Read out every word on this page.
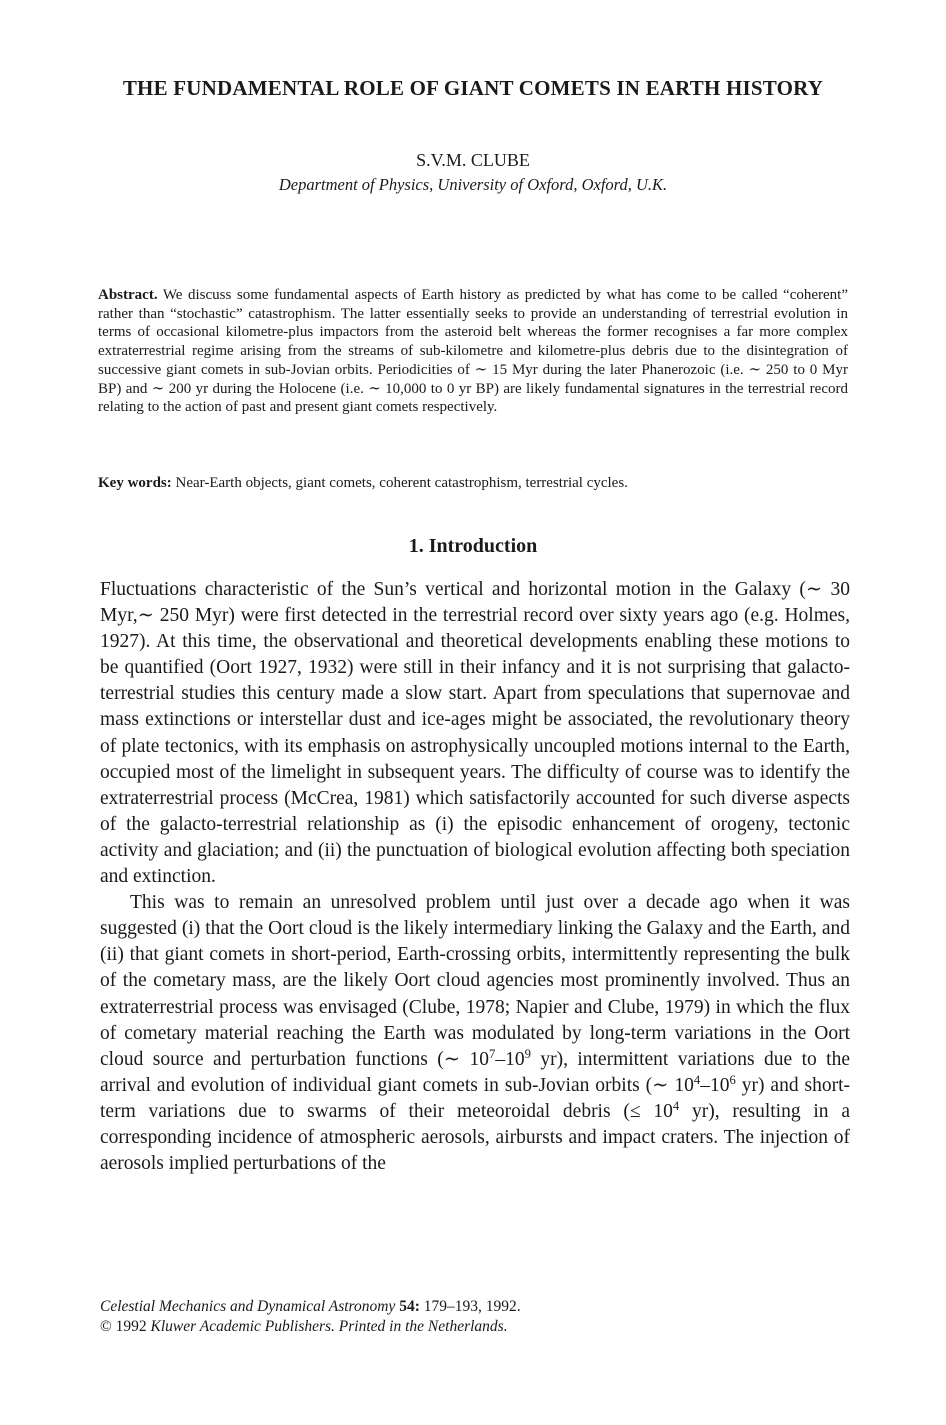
THE FUNDAMENTAL ROLE OF GIANT COMETS IN EARTH HISTORY

S.V.M. CLUBE

Department of Physics, University of Oxford, Oxford, U.K.

Abstract. We discuss some fundamental aspects of Earth history as predicted by what has come to be called “coherent” rather than “stochastic” catastrophism. The latter essentially seeks to provide an understanding of terrestrial evolution in terms of occasional kilometre-plus impactors from the asteroid belt whereas the former recognises a far more complex extraterrestrial regime arising from the streams of sub-kilometre and kilometre-plus debris due to the disintegration of successive giant comets in sub-Jovian orbits. Periodicities of ∼ 15 Myr during the later Phanerozoic (i.e. ∼ 250 to 0 Myr BP) and ∼ 200 yr during the Holocene (i.e. ∼ 10,000 to 0 yr BP) are likely fundamental signatures in the terrestrial record relating to the action of past and present giant comets respectively.

Key words: Near-Earth objects, giant comets, coherent catastrophism, terrestrial cycles.

1. Introduction

Fluctuations characteristic of the Sun’s vertical and horizontal motion in the Galaxy (∼ 30 Myr,∼ 250 Myr) were first detected in the terrestrial record over sixty years ago (e.g. Holmes, 1927). At this time, the observational and theoretical developments enabling these motions to be quantified (Oort 1927, 1932) were still in their infancy and it is not surprising that galacto-terrestrial studies this century made a slow start. Apart from speculations that supernovae and mass extinctions or interstellar dust and ice-ages might be associated, the revolutionary theory of plate tectonics, with its emphasis on astrophysically uncoupled motions internal to the Earth, occupied most of the limelight in subsequent years. The difficulty of course was to identify the extraterrestrial process (McCrea, 1981) which satisfactorily accounted for such diverse aspects of the galacto-terrestrial relationship as (i) the episodic enhancement of orogeny, tectonic activity and glaciation; and (ii) the punctuation of biological evolution affecting both speciation and extinction.

This was to remain an unresolved problem until just over a decade ago when it was suggested (i) that the Oort cloud is the likely intermediary linking the Galaxy and the Earth, and (ii) that giant comets in short-period, Earth-crossing orbits, intermittently representing the bulk of the cometary mass, are the likely Oort cloud agencies most prominently involved. Thus an extraterrestrial process was envisaged (Clube, 1978; Napier and Clube, 1979) in which the flux of cometary material reaching the Earth was modulated by long-term variations in the Oort cloud source and perturbation functions (∼ $10^7-10^9$ yr), intermittent variations due to the arrival and evolution of individual giant comets in sub-Jovian orbits (∼ $10^4-10^6$ yr) and short-term variations due to swarms of their meteoroidal debris (≤ $10^4$ yr), resulting in a corresponding incidence of atmospheric aerosols, airbursts and impact craters. The injection of aerosols implied perturbations of the

Celestial Mechanics and Dynamical Astronomy 54: 179–193, 1992.
© 1992 Kluwer Academic Publishers. Printed in the Netherlands.
